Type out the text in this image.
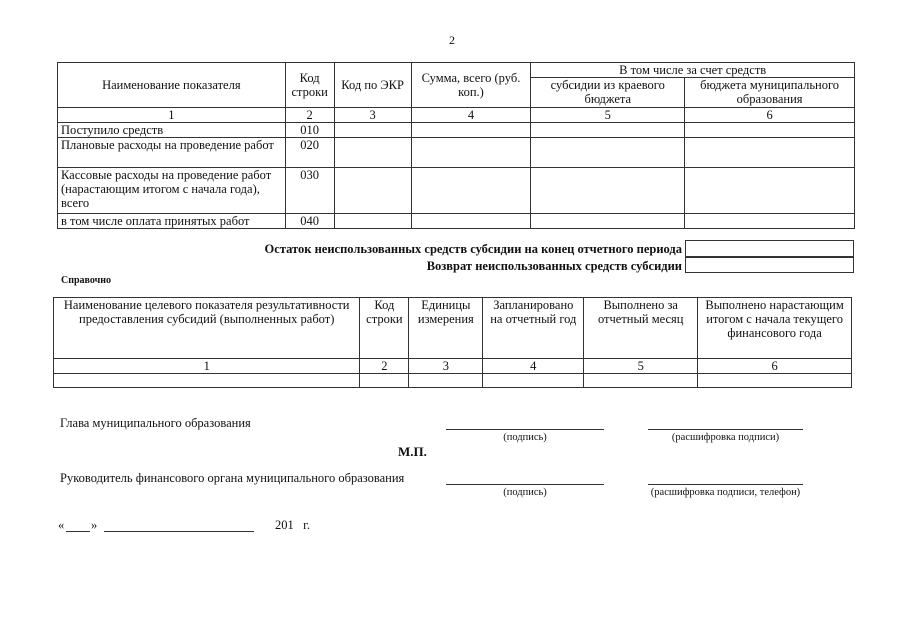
2
Наименование показателя	Код строки	Код по ЭКР	Сумма, всего (руб. коп.)	В том числе за счет средств	
				субсидии из краевого бюджета	бюджета муниципального образования
1	2	3	4	5	6
Поступило средств	010				
Плановые расходы на проведение работ	020				
Кассовые расходы на проведение работ (нарастающим итогом с начала года), всего	030				
в том числе оплата принятых работ	040				
Остаток неиспользованных средств субсидии на конец отчетного периода
Возврат неиспользованных средств субсидии
Справочно
Наименование целевого показателя результативности предоставления субсидий (выполненных работ)	Код строки	Единицы измерения	Запланировано на отчетный год	Выполнено за отчетный месяц	Выполнено нарастающим итогом с начала текущего финансового года
1	2	3	4	5	6

Глава муниципального образования
(подпись)	(расшифровка подписи)
М.П.
Руководитель финансового органа муниципального образования
(подпись)	(расшифровка подписи, телефон)
« »	201   г.
